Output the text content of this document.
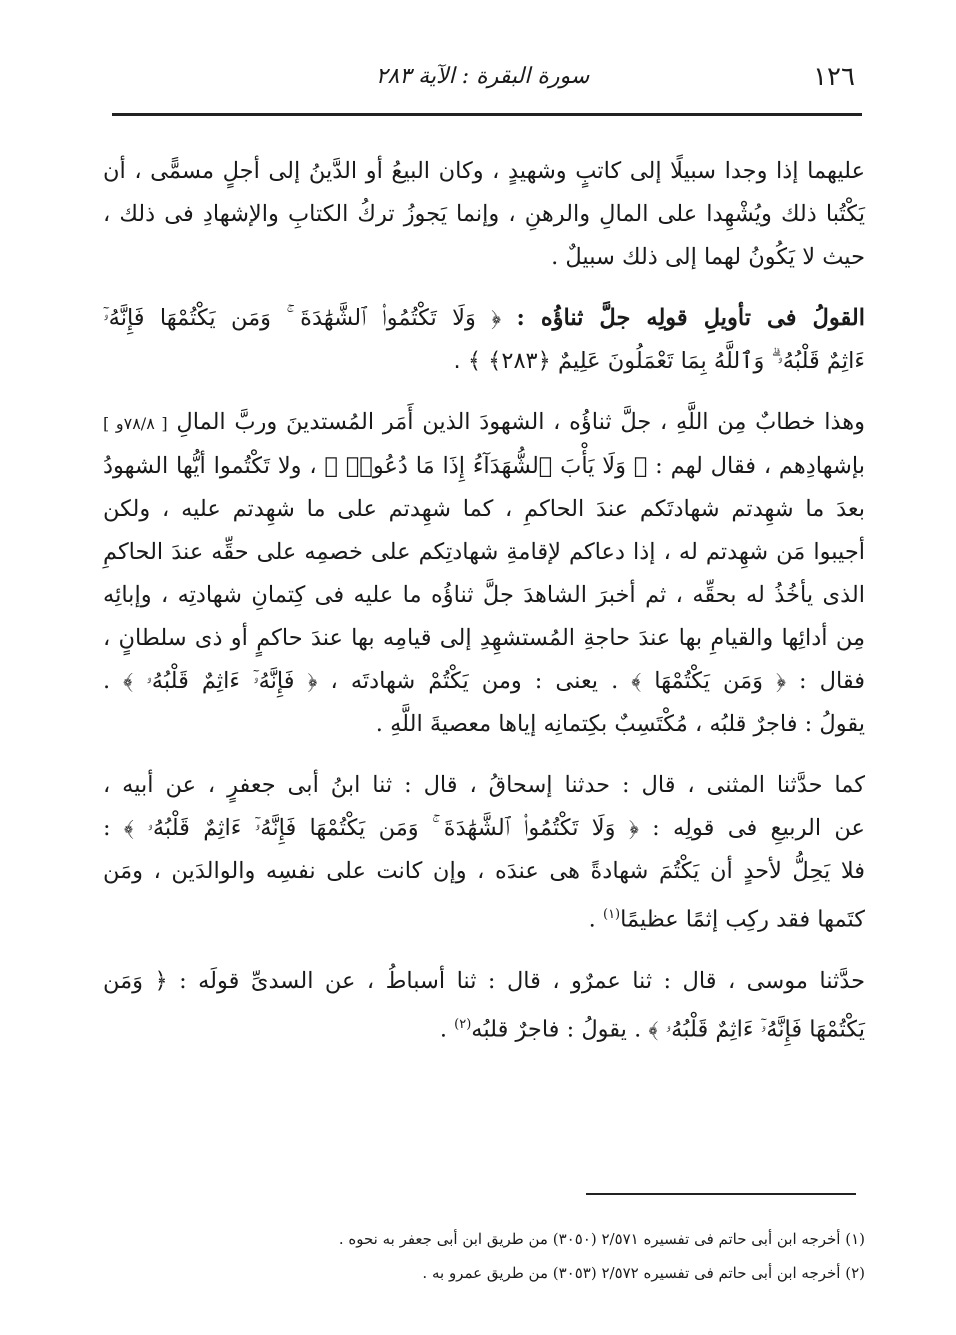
١٢٦
سورة البقرة : الآية ٢٨٣
عليهما إذا وجدا سبيلًا إلى كاتبٍ وشهيدٍ ، وكان البيعُ أو الدَّينُ إلى أجلٍ مسمًّى ، أن
يَكْتُبا ذلك ويُشْهِدا على المالِ والرهنِ ، وإنما يَجوزُ تركُ الكتابِ والإشهادِ فى ذلك ،
حيث لا يَكُونُ لهما إلى ذلك سبيلٌ .
القولُ فى تأويلِ قولِه جلَّ ثناؤُه : ﴿ وَلَا تَكْتُمُوا۟ ٱلشَّهَٰدَةَ ۚ وَمَن يَكْتُمْهَا فَإِنَّهُۥٓ
ءَاثِمٌ قَلْبُهُۥ ۗ وَٱللَّهُ بِمَا تَعْمَلُونَ عَلِيمٌ ﴿٢٨٣﴾ ﴾ .
وهذا خطابٌ مِن اللَّهِ ، جلَّ ثناؤُه ، الشهودَ الذين أَمَر المُستدينَ وربَّ المالِ [ ٧٨/٨و ]
بإشهادِهم ، فقال لهم : ﴿ وَلَا يَأْبَ ٱلشُّهَدَآءُ إِذَا مَا دُعُوا۟ ﴾ ، ولا تَكْتُموا أيُّها الشهودُ
بعدَ ما شهِدتم شهادتَكم عندَ الحاكمِ ، كما شهِدتم على ما شهِدتم عليه ، ولكن
أجيبوا مَن شهِدتم له ، إذا دعاكم لإقامةِ شهادتِكم على خصمِه على حقِّه عندَ الحاكمِ
الذى يأخُذُ له بحقِّه ، ثم أخبرَ الشاهدَ جلَّ ثناؤُه ما عليه فى كِتمانِ شهادتِه ، وإبائِه
مِن أدائِها والقيامِ بها عندَ حاجةِ المُستشهِدِ إلى قيامِه بها عندَ حاكمٍ أو ذى سلطانٍ ،
فقال : ﴿ وَمَن يَكْتُمْهَا ﴾ . يعنى : ومن يَكْتُمْ شهادتَه ، ﴿ فَإِنَّهُۥٓ ءَاثِمٌ قَلْبُهُۥ ﴾ .
يقولُ : فاجرٌ قلبُه ، مُكْتَسِبٌ بكِتمانِه إياها معصيةَ اللَّهِ .
كما حدَّثنا المثنى ، قال : حدثنا إسحاقُ ، قال : ثنا ابنُ أبى جعفرٍ ، عن أبيه ،
عن الربيعِ فى قولِه : ﴿ وَلَا تَكْتُمُوا۟ ٱلشَّهَٰدَةَ ۚ وَمَن يَكْتُمْهَا فَإِنَّهُۥٓ ءَاثِمٌ قَلْبُهُۥ ﴾ :
فلا يَحِلُّ لأحدٍ أن يَكْتُمَ شهادةً هى عندَه ، وإن كانت على نفسِه والوالدَين ، ومَن
كتَمها فقد ركِب إثمًا عظيمًا$^{(١)}$ .
حدَّثنا موسى ، قال : ثنا عمرٌو ، قال : ثنا أسباطُ ، عن السدىِّ قولَه : ﴿ وَمَن
يَكْتُمْهَا فَإِنَّهُۥٓ ءَاثِمٌ قَلْبُهُۥ ﴾ . يقولُ : فاجرٌ قلبُه$^{(٢)}$ .
(١) أخرجه ابن أبى حاتم فى تفسيره ٢/٥٧١ (٣٠٥٠) من طريق ابن أبى جعفر به نحوه .
(٢) أخرجه ابن أبى حاتم فى تفسيره ٢/٥٧٢ (٣٠٥٣) من طريق عمرو به .
